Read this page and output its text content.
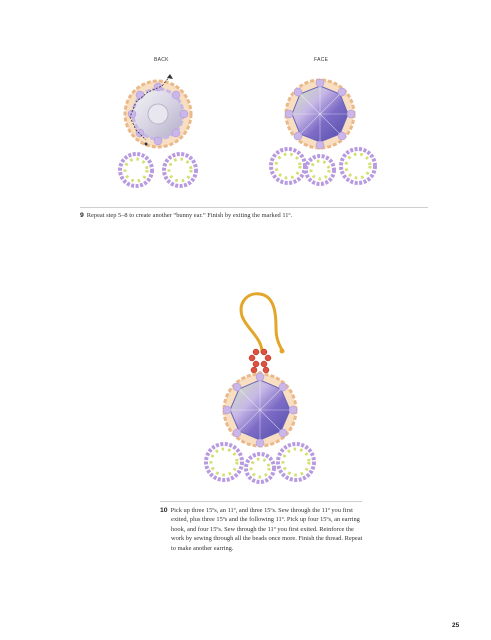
BACK	FACE

9 Repeat step 5–8 to create another “bunny ear.” Finish by exiting the marked 11º.

10 Pick up three 15ºs, an 11º, and three 15ºs. Sew through the 11º you first exited, plus three 15ºs and the following 11º. Pick up four 15ºs, an earring hook, and four 15ºs. Sew through the 11º you first exited. Reinforce the work by sewing through all the beads once more. Finish the thread. Repeat to make another earring.

25
